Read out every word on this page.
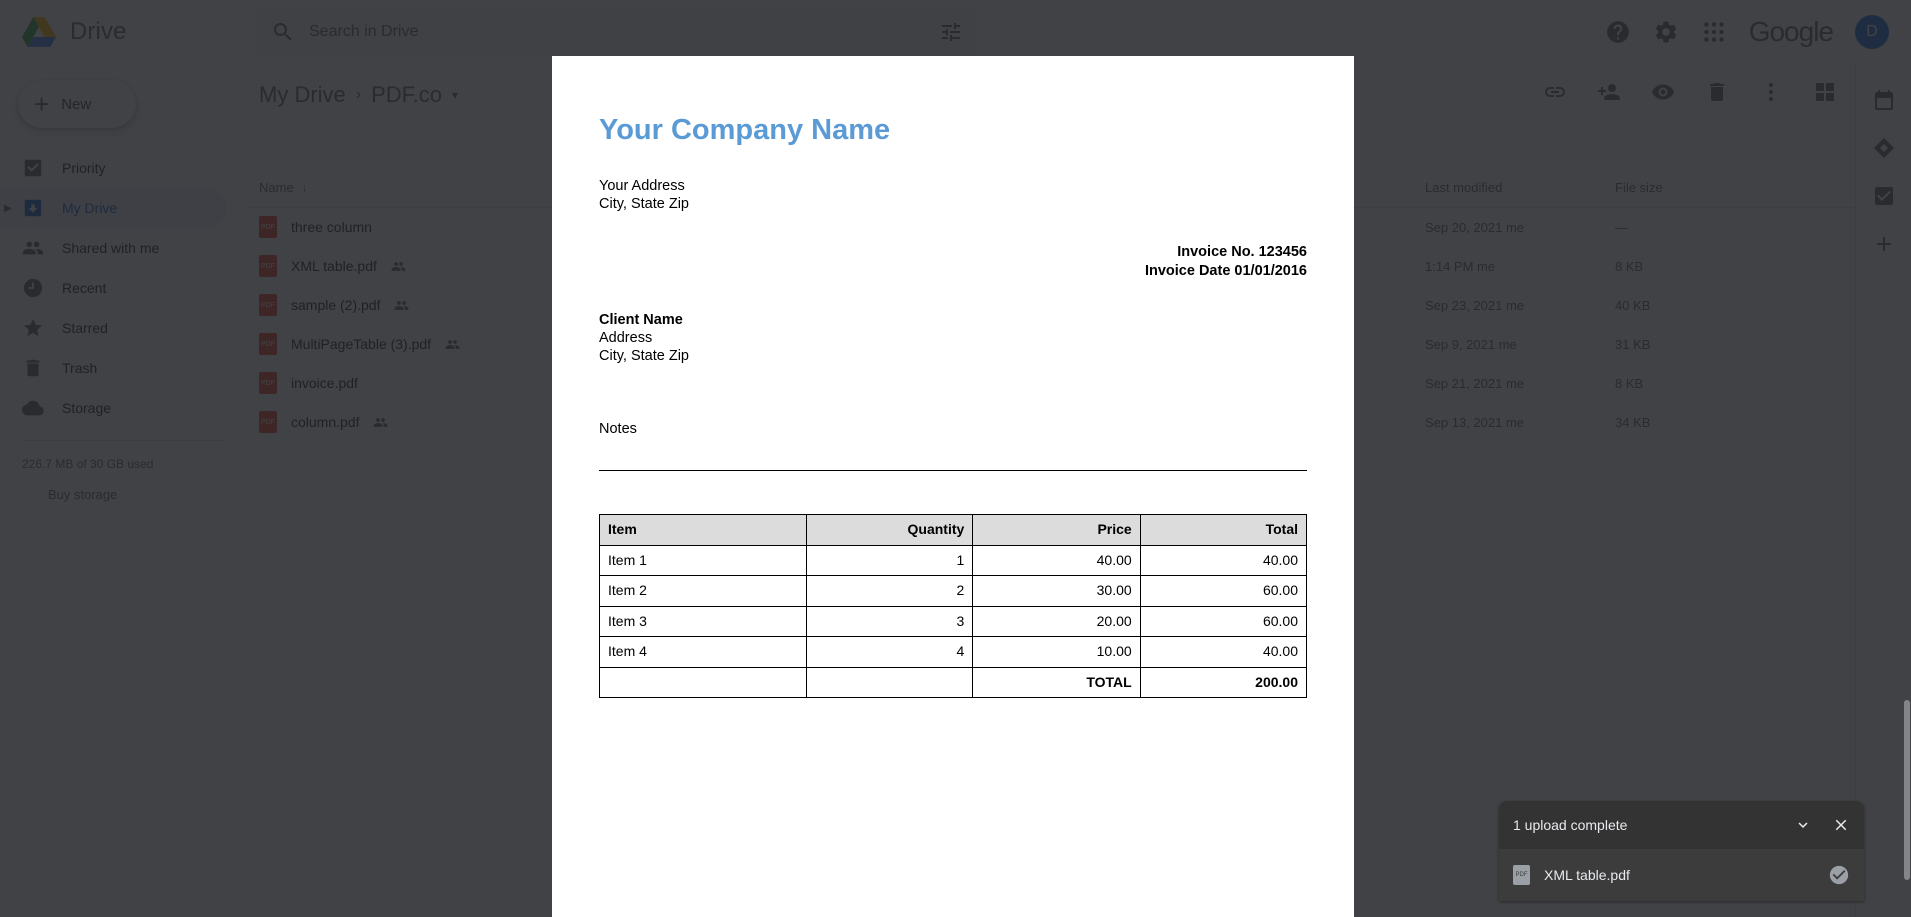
Search in Drive
Your Company Name
Your Address
City, State Zip
Invoice No. 123456
Invoice Date 01/01/2016
Client Name
Address
City, State Zip
Notes
Item	Quantity	Price	Total
Item 1	1	40.00	40.00
Item 2	2	30.00	60.00
Item 3	3	20.00	60.00
Item 4	4	10.00	40.00
		TOTAL	200.00
1 upload complete
PDF XML table.pdf
